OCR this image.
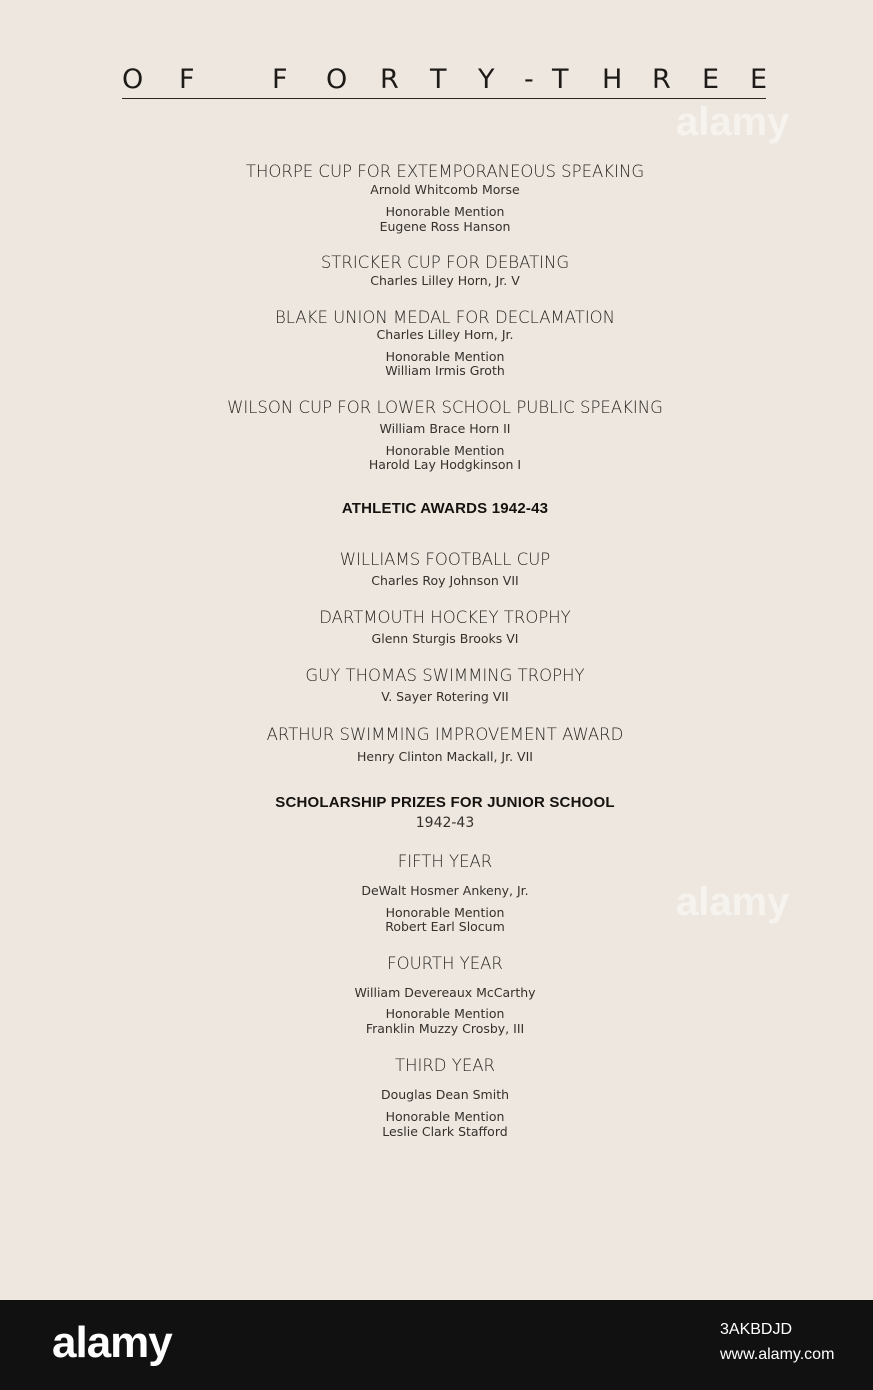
O F	F O R T Y - T H R E E
THORPE CUP FOR EXTEMPORANEOUS SPEAKING
Arnold Whitcomb Morse
Honorable Mention
Eugene Ross Hanson
STRICKER CUP FOR DEBATING
Charles Lilley Horn, Jr. V
BLAKE UNION MEDAL FOR DECLAMATION
Charles Lilley Horn, Jr.
Honorable Mention
William Irmis Groth
WILSON CUP FOR LOWER SCHOOL PUBLIC SPEAKING
William Brace Horn II
Honorable Mention
Harold Lay Hodgkinson I
ATHLETIC AWARDS 1942-43
WILLIAMS FOOTBALL CUP
Charles Roy Johnson VII
DARTMOUTH HOCKEY TROPHY
Glenn Sturgis Brooks VI
GUY THOMAS SWIMMING TROPHY
V. Sayer Rotering VII
ARTHUR SWIMMING IMPROVEMENT AWARD
Henry Clinton Mackall, Jr. VII
SCHOLARSHIP PRIZES FOR JUNIOR SCHOOL
1942-43
FIFTH YEAR
DeWalt Hosmer Ankeny, Jr.
Honorable Mention
Robert Earl Slocum
FOURTH YEAR
William Devereaux McCarthy
Honorable Mention
Franklin Muzzy Crosby, III
THIRD YEAR
Douglas Dean Smith
Honorable Mention
Leslie Clark Stafford
alamy
alamy
alamy	3AKBDJD
www.alamy.com
